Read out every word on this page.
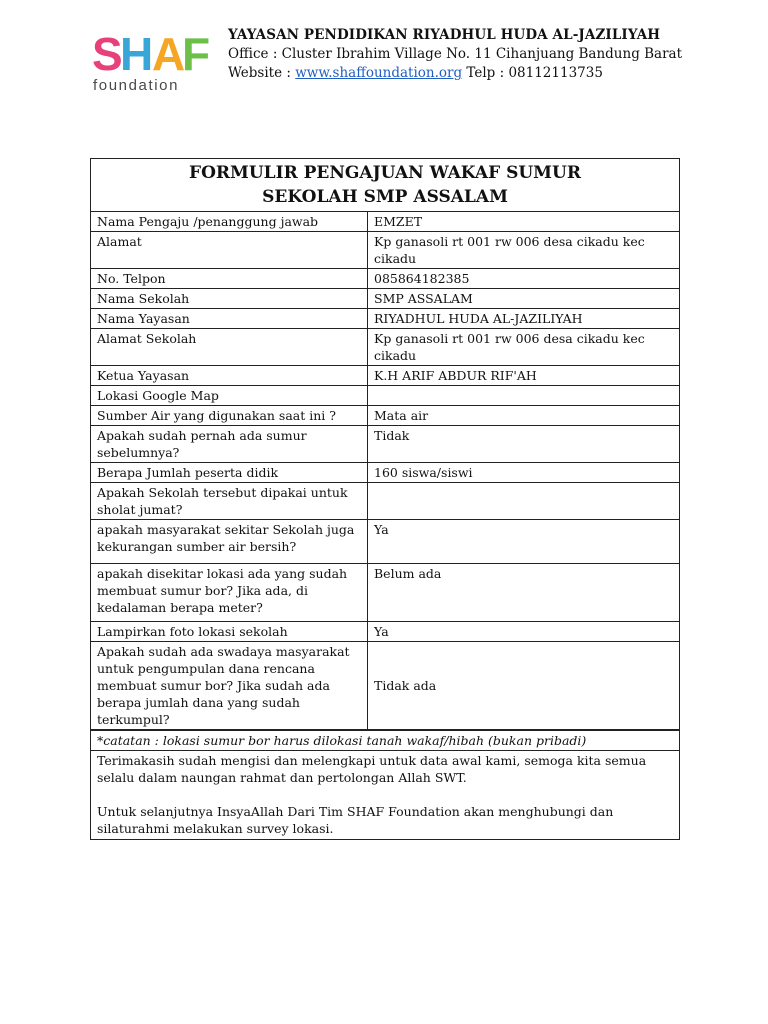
S
H
A
F
foundation
YAYASAN PENDIDIKAN RIYADHUL HUDA AL-JAZILIYAH
Office : Cluster Ibrahim Village No. 11 Cihanjuang Bandung Barat
Website : www.shaffoundation.org Telp : 08112113735
FORMULIR PENGAJUAN WAKAF SUMUR
SEKOLAH SMP ASSALAM
Nama Pengaju /penanggung jawab	EMZET
Alamat	Kp ganasoli rt 001 rw 006 desa cikadu kec cikadu
No. Telpon	085864182385
Nama Sekolah	SMP ASSALAM
Nama Yayasan	RIYADHUL HUDA AL-JAZILIYAH
Alamat Sekolah	Kp ganasoli rt 001 rw 006 desa cikadu kec cikadu
Ketua Yayasan	K.H ARIF ABDUR RIF'AH
Lokasi Google Map	
Sumber Air yang digunakan saat ini ?	Mata air
Apakah sudah pernah ada sumur sebelumnya?	Tidak
Berapa Jumlah peserta didik	160 siswa/siswi
Apakah Sekolah tersebut dipakai untuk sholat jumat?	
apakah masyarakat sekitar Sekolah juga kekurangan sumber air bersih?	Ya
apakah disekitar lokasi ada yang sudah membuat sumur bor? Jika ada, di kedalaman berapa meter?	Belum ada
Lampirkan foto lokasi sekolah	Ya
Apakah sudah ada swadaya masyarakat untuk pengumpulan dana rencana membuat sumur bor? Jika sudah ada berapa jumlah dana yang sudah terkumpul?	Tidak ada
*catatan : lokasi sumur bor harus dilokasi tanah wakaf/hibah (bukan pribadi)

Terimakasih sudah mengisi dan melengkapi untuk data awal kami, semoga kita semua selalu dalam naungan rahmat dan pertolongan Allah SWT.

Untuk selanjutnya InsyaAllah Dari Tim SHAF Foundation akan menghubungi dan silaturahmi melakukan survey lokasi.
